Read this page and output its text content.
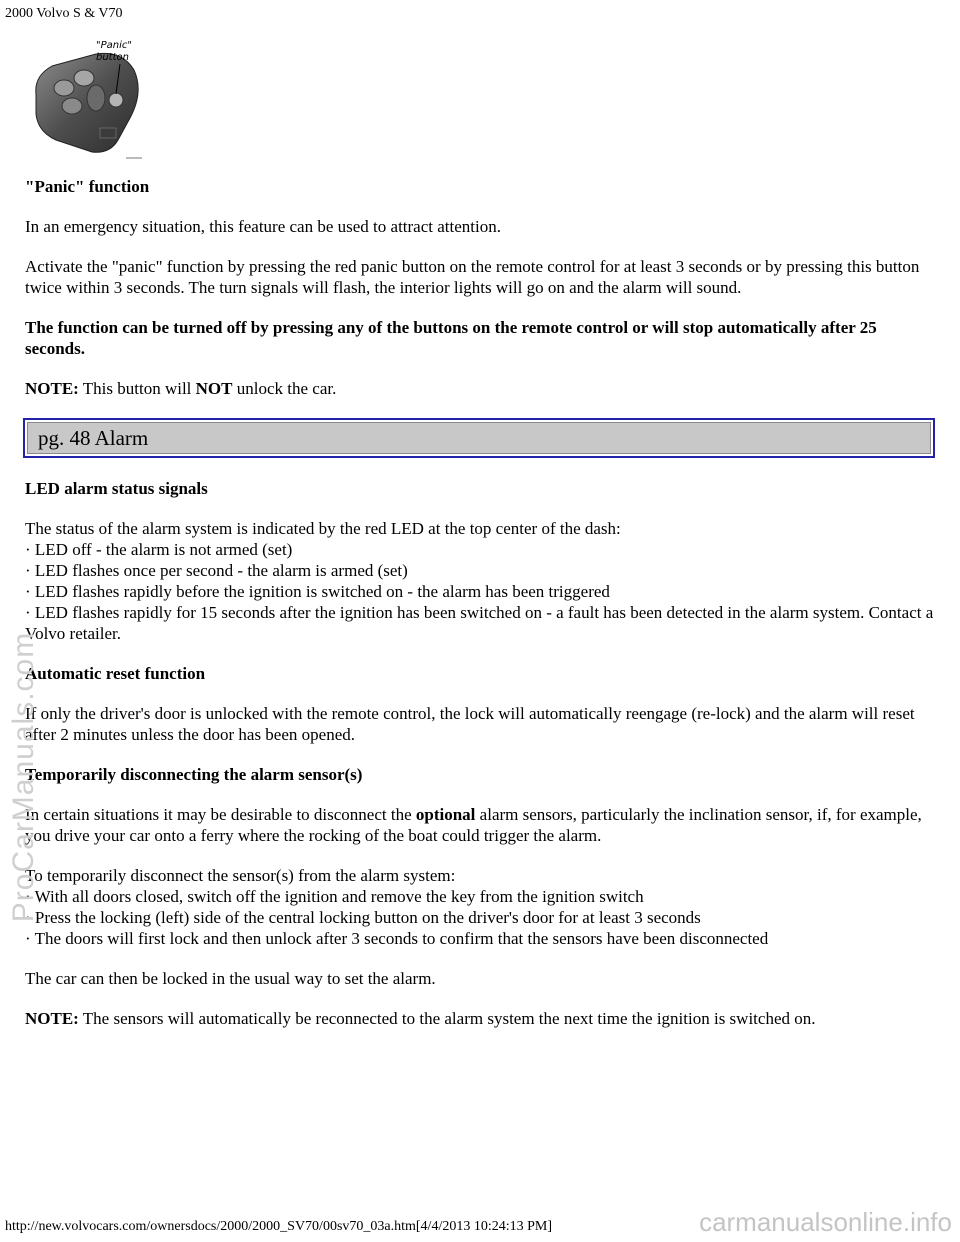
2000 Volvo S & V70
"Panic"
button

"Panic" function

In an emergency situation, this feature can be used to attract attention.

Activate the "panic" function by pressing the red panic button on the remote control for at least 3 seconds or by pressing this button twice within 3 seconds. The turn signals will flash, the interior lights will go on and the alarm will sound.

The function can be turned off by pressing any of the buttons on the remote control or will stop automatically after 25 seconds.

NOTE: This button will NOT unlock the car.

pg. 48 Alarm

LED alarm status signals

The status of the alarm system is indicated by the red LED at the top center of the dash:
· LED off - the alarm is not armed (set)
· LED flashes once per second - the alarm is armed (set)
· LED flashes rapidly before the ignition is switched on - the alarm has been triggered
· LED flashes rapidly for 15 seconds after the ignition has been switched on - a fault has been detected in the alarm system. Contact a Volvo retailer.

Automatic reset function

If only the driver's door is unlocked with the remote control, the lock will automatically reengage (re-lock) and the alarm will reset after 2 minutes unless the door has been opened.

Temporarily disconnecting the alarm sensor(s)

In certain situations it may be desirable to disconnect the optional alarm sensors, particularly the inclination sensor, if, for example, you drive your car onto a ferry where the rocking of the boat could trigger the alarm.

To temporarily disconnect the sensor(s) from the alarm system:
· With all doors closed, switch off the ignition and remove the key from the ignition switch
· Press the locking (left) side of the central locking button on the driver's door for at least 3 seconds
· The doors will first lock and then unlock after 3 seconds to confirm that the sensors have been disconnected

The car can then be locked in the usual way to set the alarm.

NOTE: The sensors will automatically be reconnected to the alarm system the next time the ignition is switched on.

ProCarManuals.com
http://new.volvocars.com/ownersdocs/2000/2000_SV70/00sv70_03a.htm[4/4/2013 10:24:13 PM]	carmanualsonline.info
